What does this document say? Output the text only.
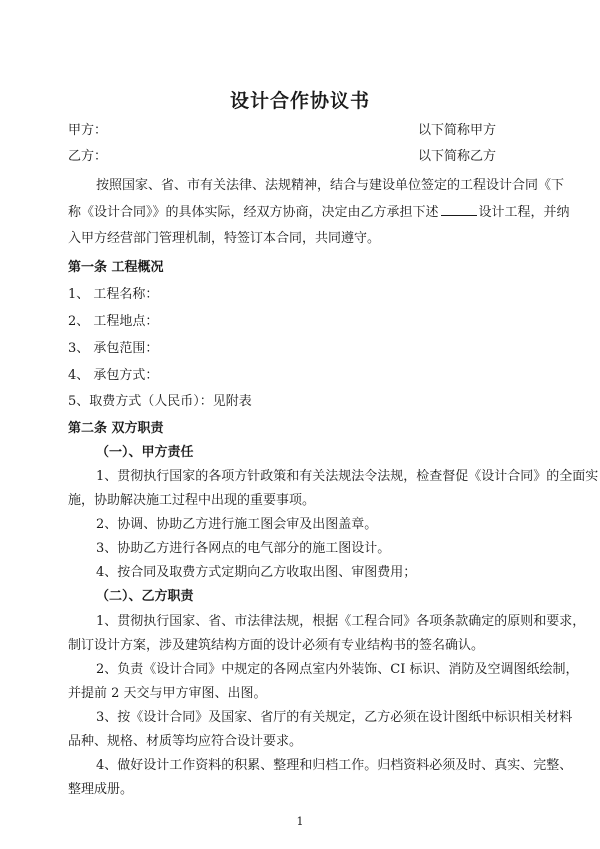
设计合作协议书
甲方：	以下简称甲方
乙方：	以下简称乙方
按照国家、省、市有关法律、法规精神，结合与建设单位签定的工程设计合同《下
称《设计合同》》的具体实际，经双方协商，决定由乙方承担下述	设计工程，并纳
入甲方经营部门管理机制，特签订本合同，共同遵守。
第一条 工程概况
1、 工程名称：
2、 工程地点：
3、 承包范围：
4、 承包方式：
5、取费方式（人民币）：见附表
第二条 双方职责
（一）、甲方责任
1、贯彻执行国家的各项方针政策和有关法规法令法规，检查督促《设计合同》的全面实
施，协助解决施工过程中出现的重要事项。
2、协调、协助乙方进行施工图会审及出图盖章。
3、协助乙方进行各网点的电气部分的施工图设计。
4、按合同及取费方式定期向乙方收取出图、审图费用；
（二）、乙方职责
1、贯彻执行国家、省、市法律法规，根据《工程合同》各项条款确定的原则和要求，
制订设计方案，涉及建筑结构方面的设计必须有专业结构书的签名确认。
2、负责《设计合同》中规定的各网点室内外装饰、CI 标识、消防及空调图纸绘制，
并提前 2 天交与甲方审图、出图。
3、按《设计合同》及国家、省厅的有关规定，乙方必须在设计图纸中标识相关材料
品种、规格、材质等均应符合设计要求。
4、做好设计工作资料的积累、整理和归档工作。归档资料必须及时、真实、完整、
整理成册。
1
